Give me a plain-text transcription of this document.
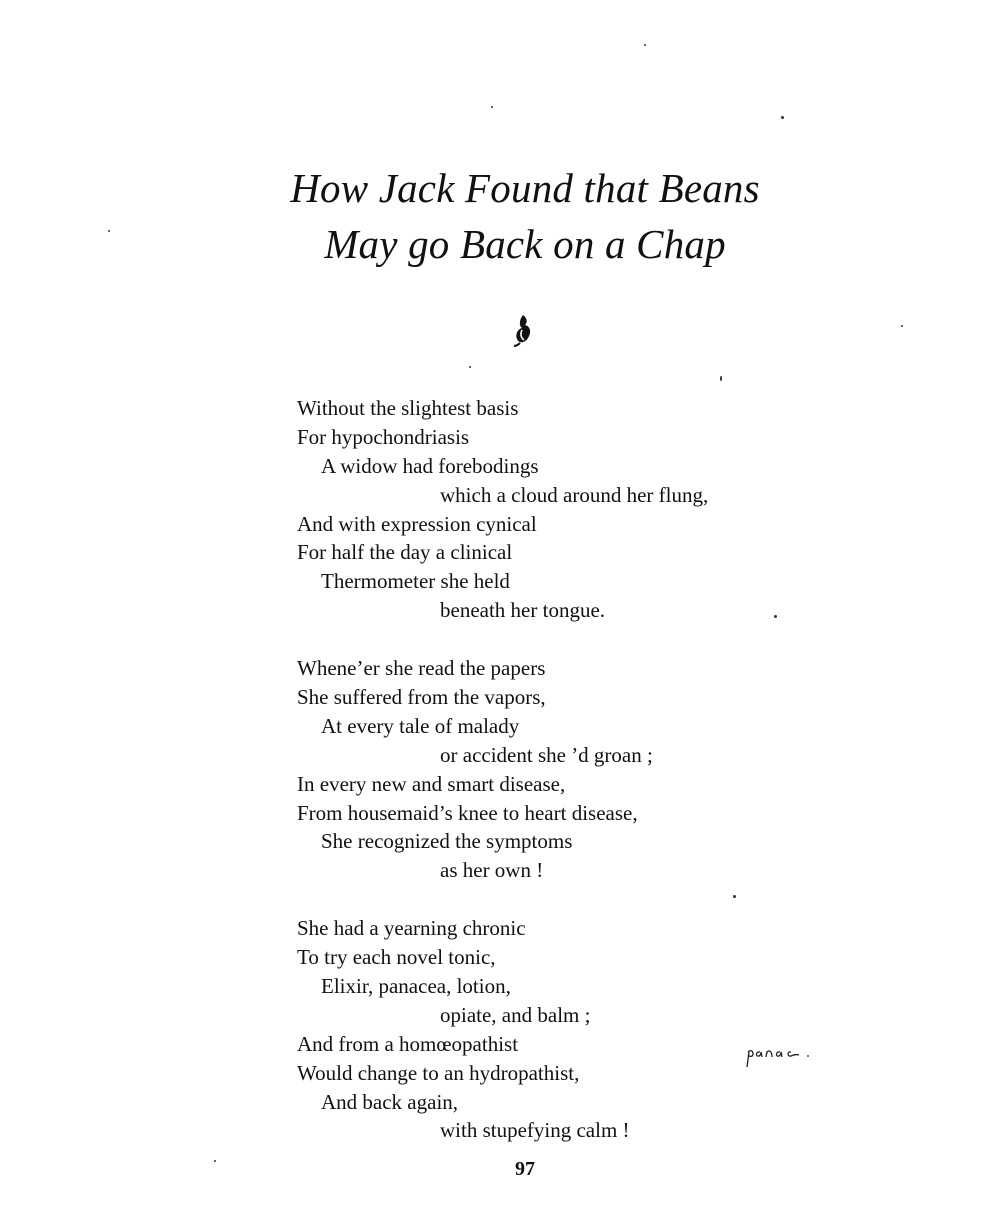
How Jack Found that Beans
May go Back on a Chap
Without the slightest basis
For hypochondriasis
A widow had forebodings
which a cloud around her flung,
And with expression cynical
For half the day a clinical
Thermometer she held
beneath her tongue.
Whene’er she read the papers
She suffered from the vapors,
At every tale of malady
or accident she ’d groan ;
In every new and smart disease,
From housemaid’s knee to heart disease,
She recognized the symptoms
as her own !
She had a yearning chronic
To try each novel tonic,
Elixir, panacea, lotion,
opiate, and balm ;
And from a homœopathist
Would change to an hydropathist,
And back again,
with stupefying calm !
97
